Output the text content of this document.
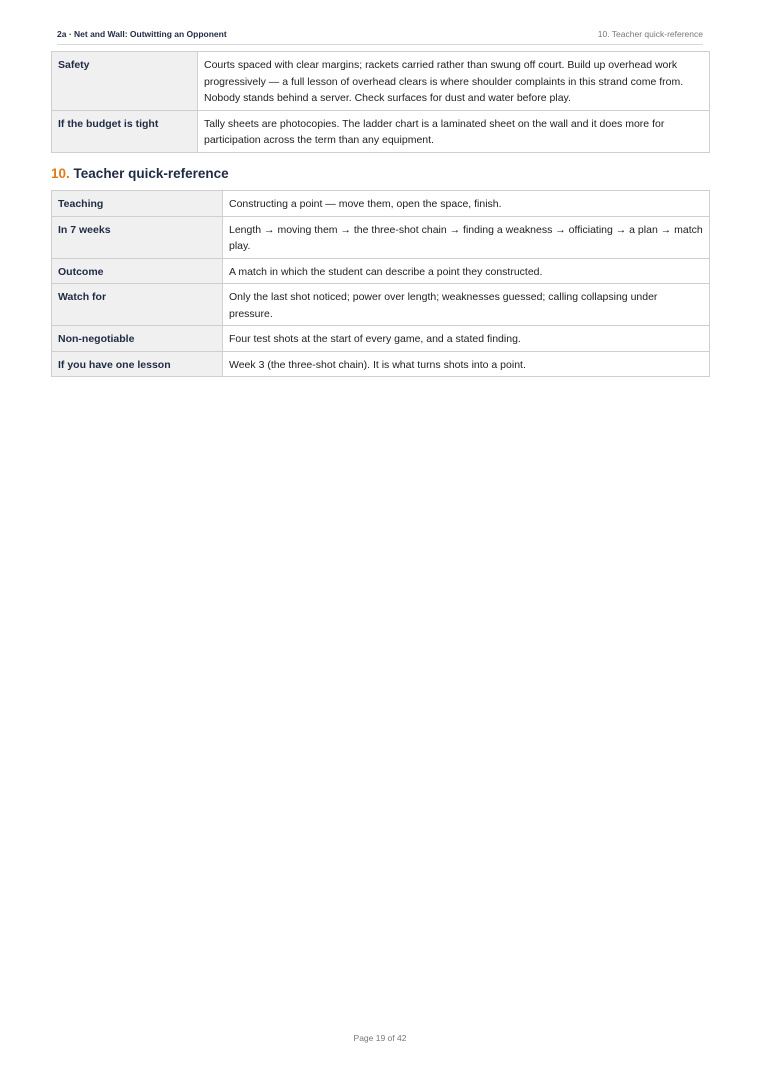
2a · Net and Wall: Outwitting an Opponent	10. Teacher quick-reference
Safety	Courts spaced with clear margins; rackets carried rather than swung off court. Build up overhead work progressively — a full lesson of overhead clears is where shoulder complaints in this strand come from. Nobody stands behind a server. Check surfaces for dust and water before play.
If the budget is tight	Tally sheets are photocopies. The ladder chart is a laminated sheet on the wall and it does more for participation across the term than any equipment.
10. Teacher quick-reference
Teaching	Constructing a point — move them, open the space, finish.
In 7 weeks	Length → moving them → the three-shot chain → finding a weakness → officiating → a plan → match play.
Outcome	A match in which the student can describe a point they constructed.
Watch for	Only the last shot noticed; power over length; weaknesses guessed; calling collapsing under pressure.
Non-negotiable	Four test shots at the start of every game, and a stated finding.
If you have one lesson	Week 3 (the three-shot chain). It is what turns shots into a point.
Page 19 of 42
